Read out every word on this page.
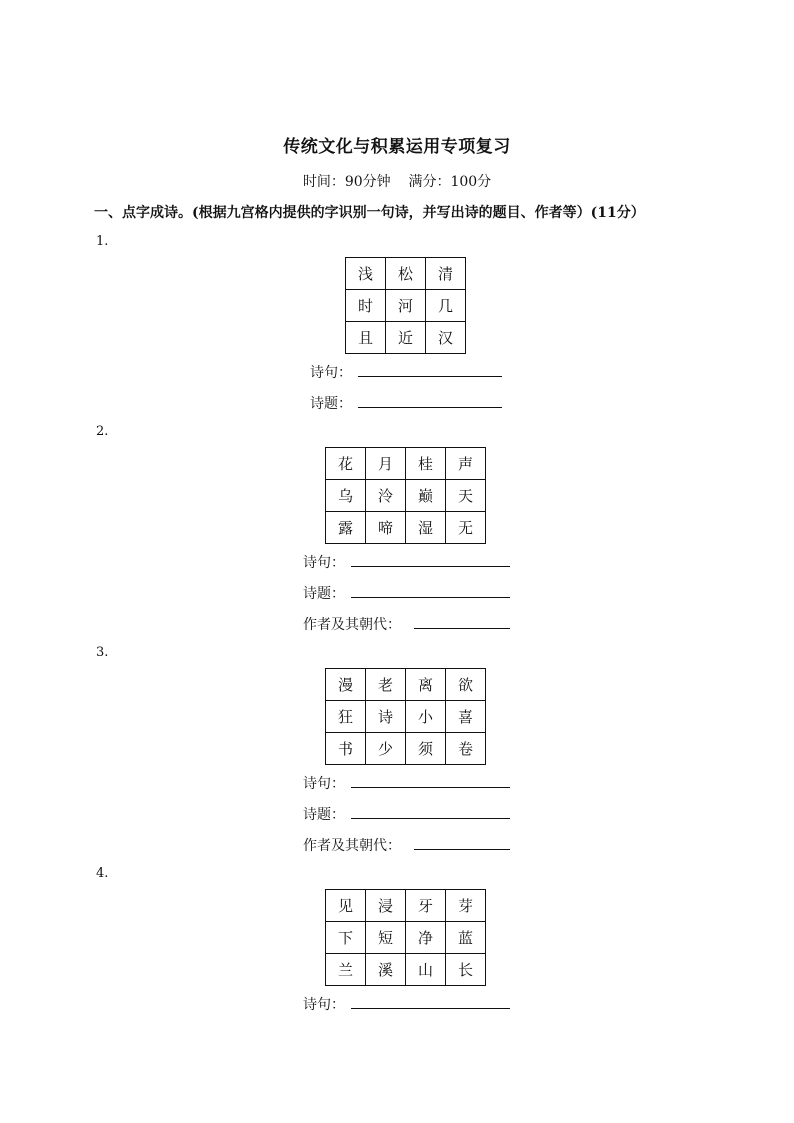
传统文化与积累运用专项复习
时间：90分钟    满分：100分
一、点字成诗。(根据九宫格内提供的字识别一句诗，并写出诗的题目、作者等）(11分）
1.
浅	松	清
时	河	几
且	近	汉
诗句：
诗题：
2.
花	月	桂	声
乌	泠	巅	天
露	啼	湿	无
诗句：
诗题：
作者及其朝代：
3.
漫	老	离	欲
狂	诗	小	喜
书	少	须	卷
诗句：
诗题：
作者及其朝代：
4.
见	浸	牙	芽
下	短	净	蓝
兰	溪	山	长
诗句：
